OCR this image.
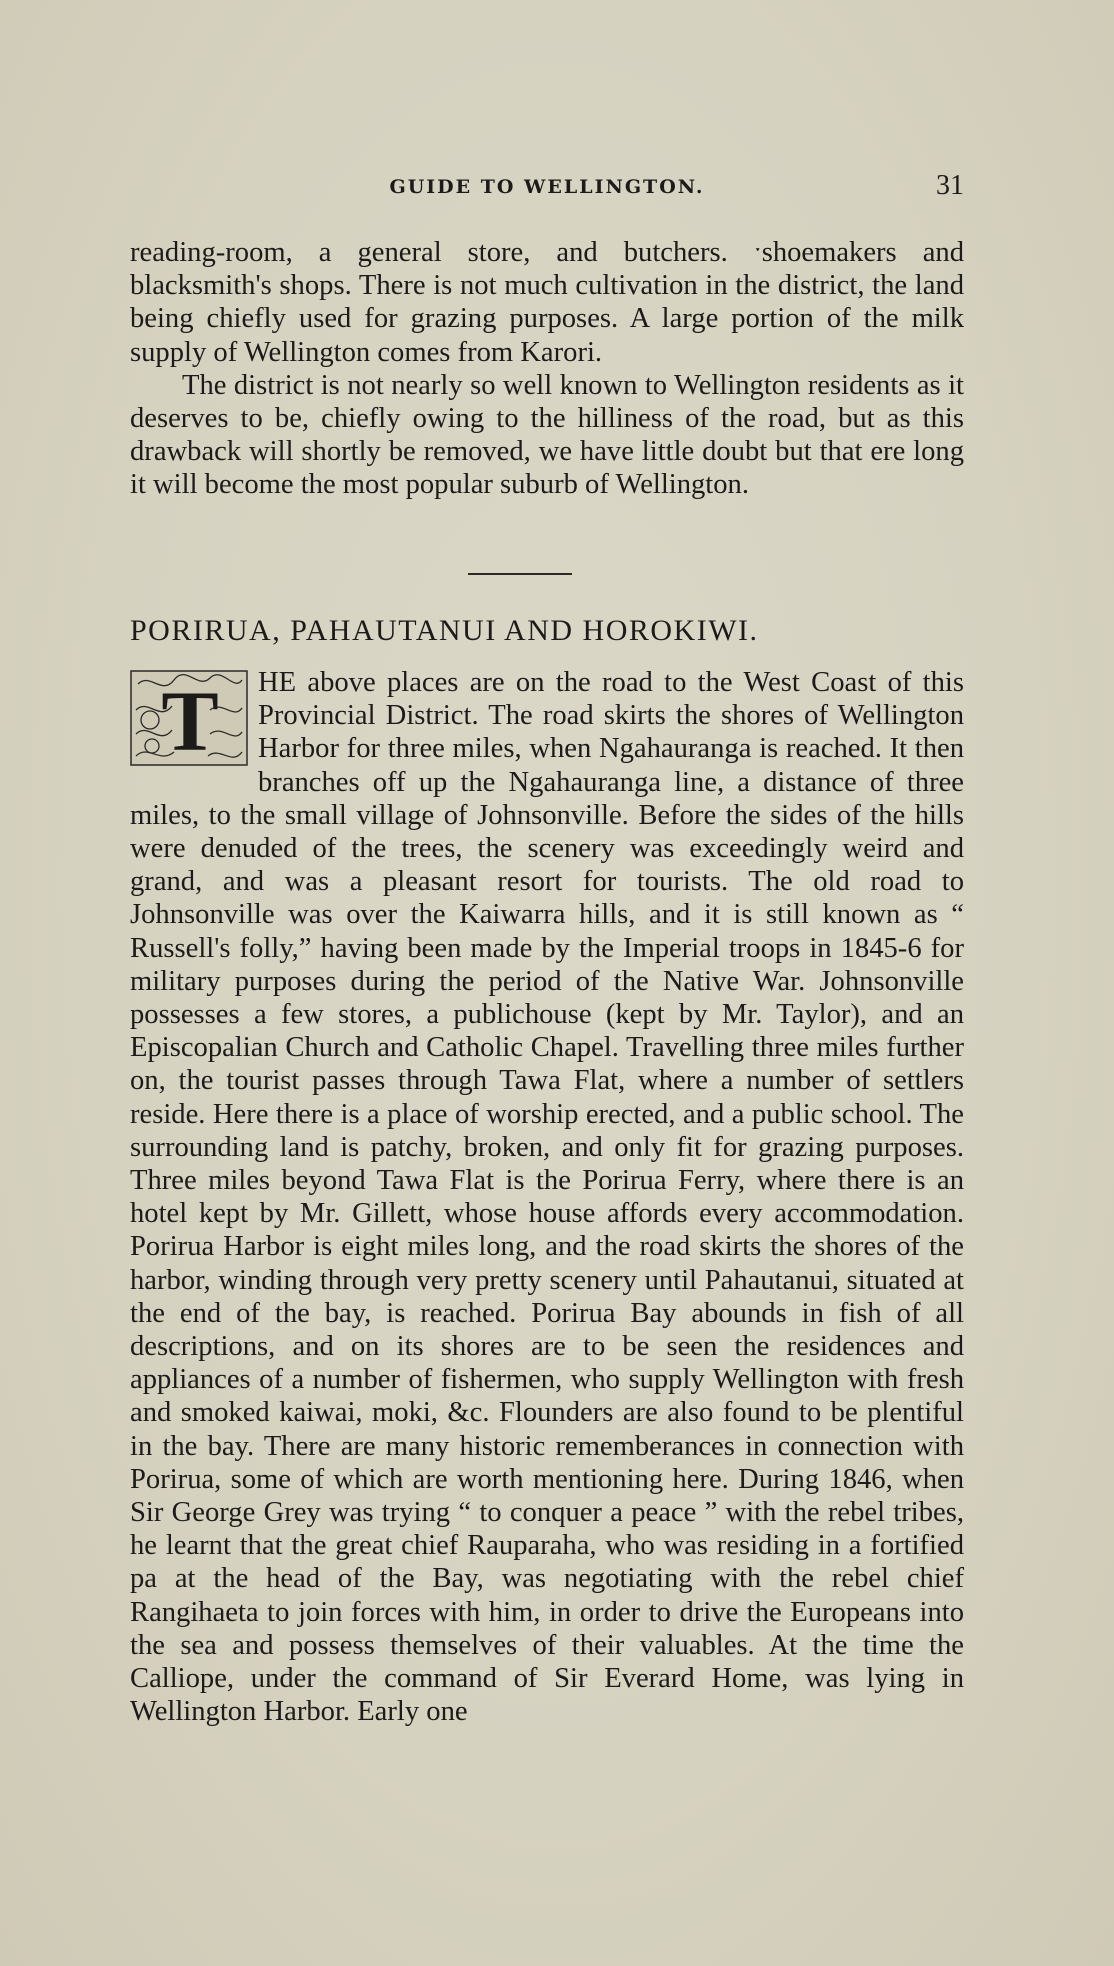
GUIDE TO WELLINGTON.	31

reading-room, a general store, and butchers. ˑshoemakers and blacksmith's shops. There is not much cultivation in the district, the land being chiefly used for grazing purposes. A large portion of the milk supply of Wellington comes from Karori.

The district is not nearly so well known to Wellington residents as it deserves to be, chiefly owing to the hilliness of the road, but as this drawback will shortly be removed, we have little doubt but that ere long it will become the most popular suburb of Wellington.

PORIRUA, PAHAUTANUI AND HOROKIWI.
T HE above places are on the road to the West Coast of this Provincial District. The road skirts the shores of Wellington Harbor for three miles, when Ngahauranga is reached. It then branches off up the Ngahauranga line, a distance of three miles, to the small village of Johnsonville. Before the sides of the hills were denuded of the trees, the scenery was exceedingly weird and grand, and was a pleasant resort for tourists. The old road to Johnsonville was over the Kaiwarra hills, and it is still known as “ Russell's folly,” having been made by the Imperial troops in 1845-6 for military purposes during the period of the Native War. Johnsonville possesses a few stores, a publichouse (kept by Mr. Taylor), and an Episcopalian Church and Catholic Chapel. Travelling three miles further on, the tourist passes through Tawa Flat, where a number of settlers reside. Here there is a place of worship erected, and a public school. The surrounding land is patchy, broken, and only fit for grazing purposes. Three miles beyond Tawa Flat is the Porirua Ferry, where there is an hotel kept by Mr. Gillett, whose house affords every accommodation. Porirua Harbor is eight miles long, and the road skirts the shores of the harbor, winding through very pretty scenery until Pahautanui, situated at the end of the bay, is reached. Porirua Bay abounds in fish of all descriptions, and on its shores are to be seen the residences and appliances of a number of fishermen, who supply Wellington with fresh and smoked kaiwai, moki, &c. Flounders are also found to be plentiful in the bay. There are many historic rememberances in connection with Porirua, some of which are worth mentioning here. During 1846, when Sir George Grey was trying “ to conquer a peace ” with the rebel tribes, he learnt that the great chief Rauparaha, who was residing in a fortified pa at the head of the Bay, was negotiating with the rebel chief Rangihaeta to join forces with him, in order to drive the Europeans into the sea and possess themselves of their valuables. At the time the Calliope, under the command of Sir Everard Home, was lying in Wellington Harbor. Early one
